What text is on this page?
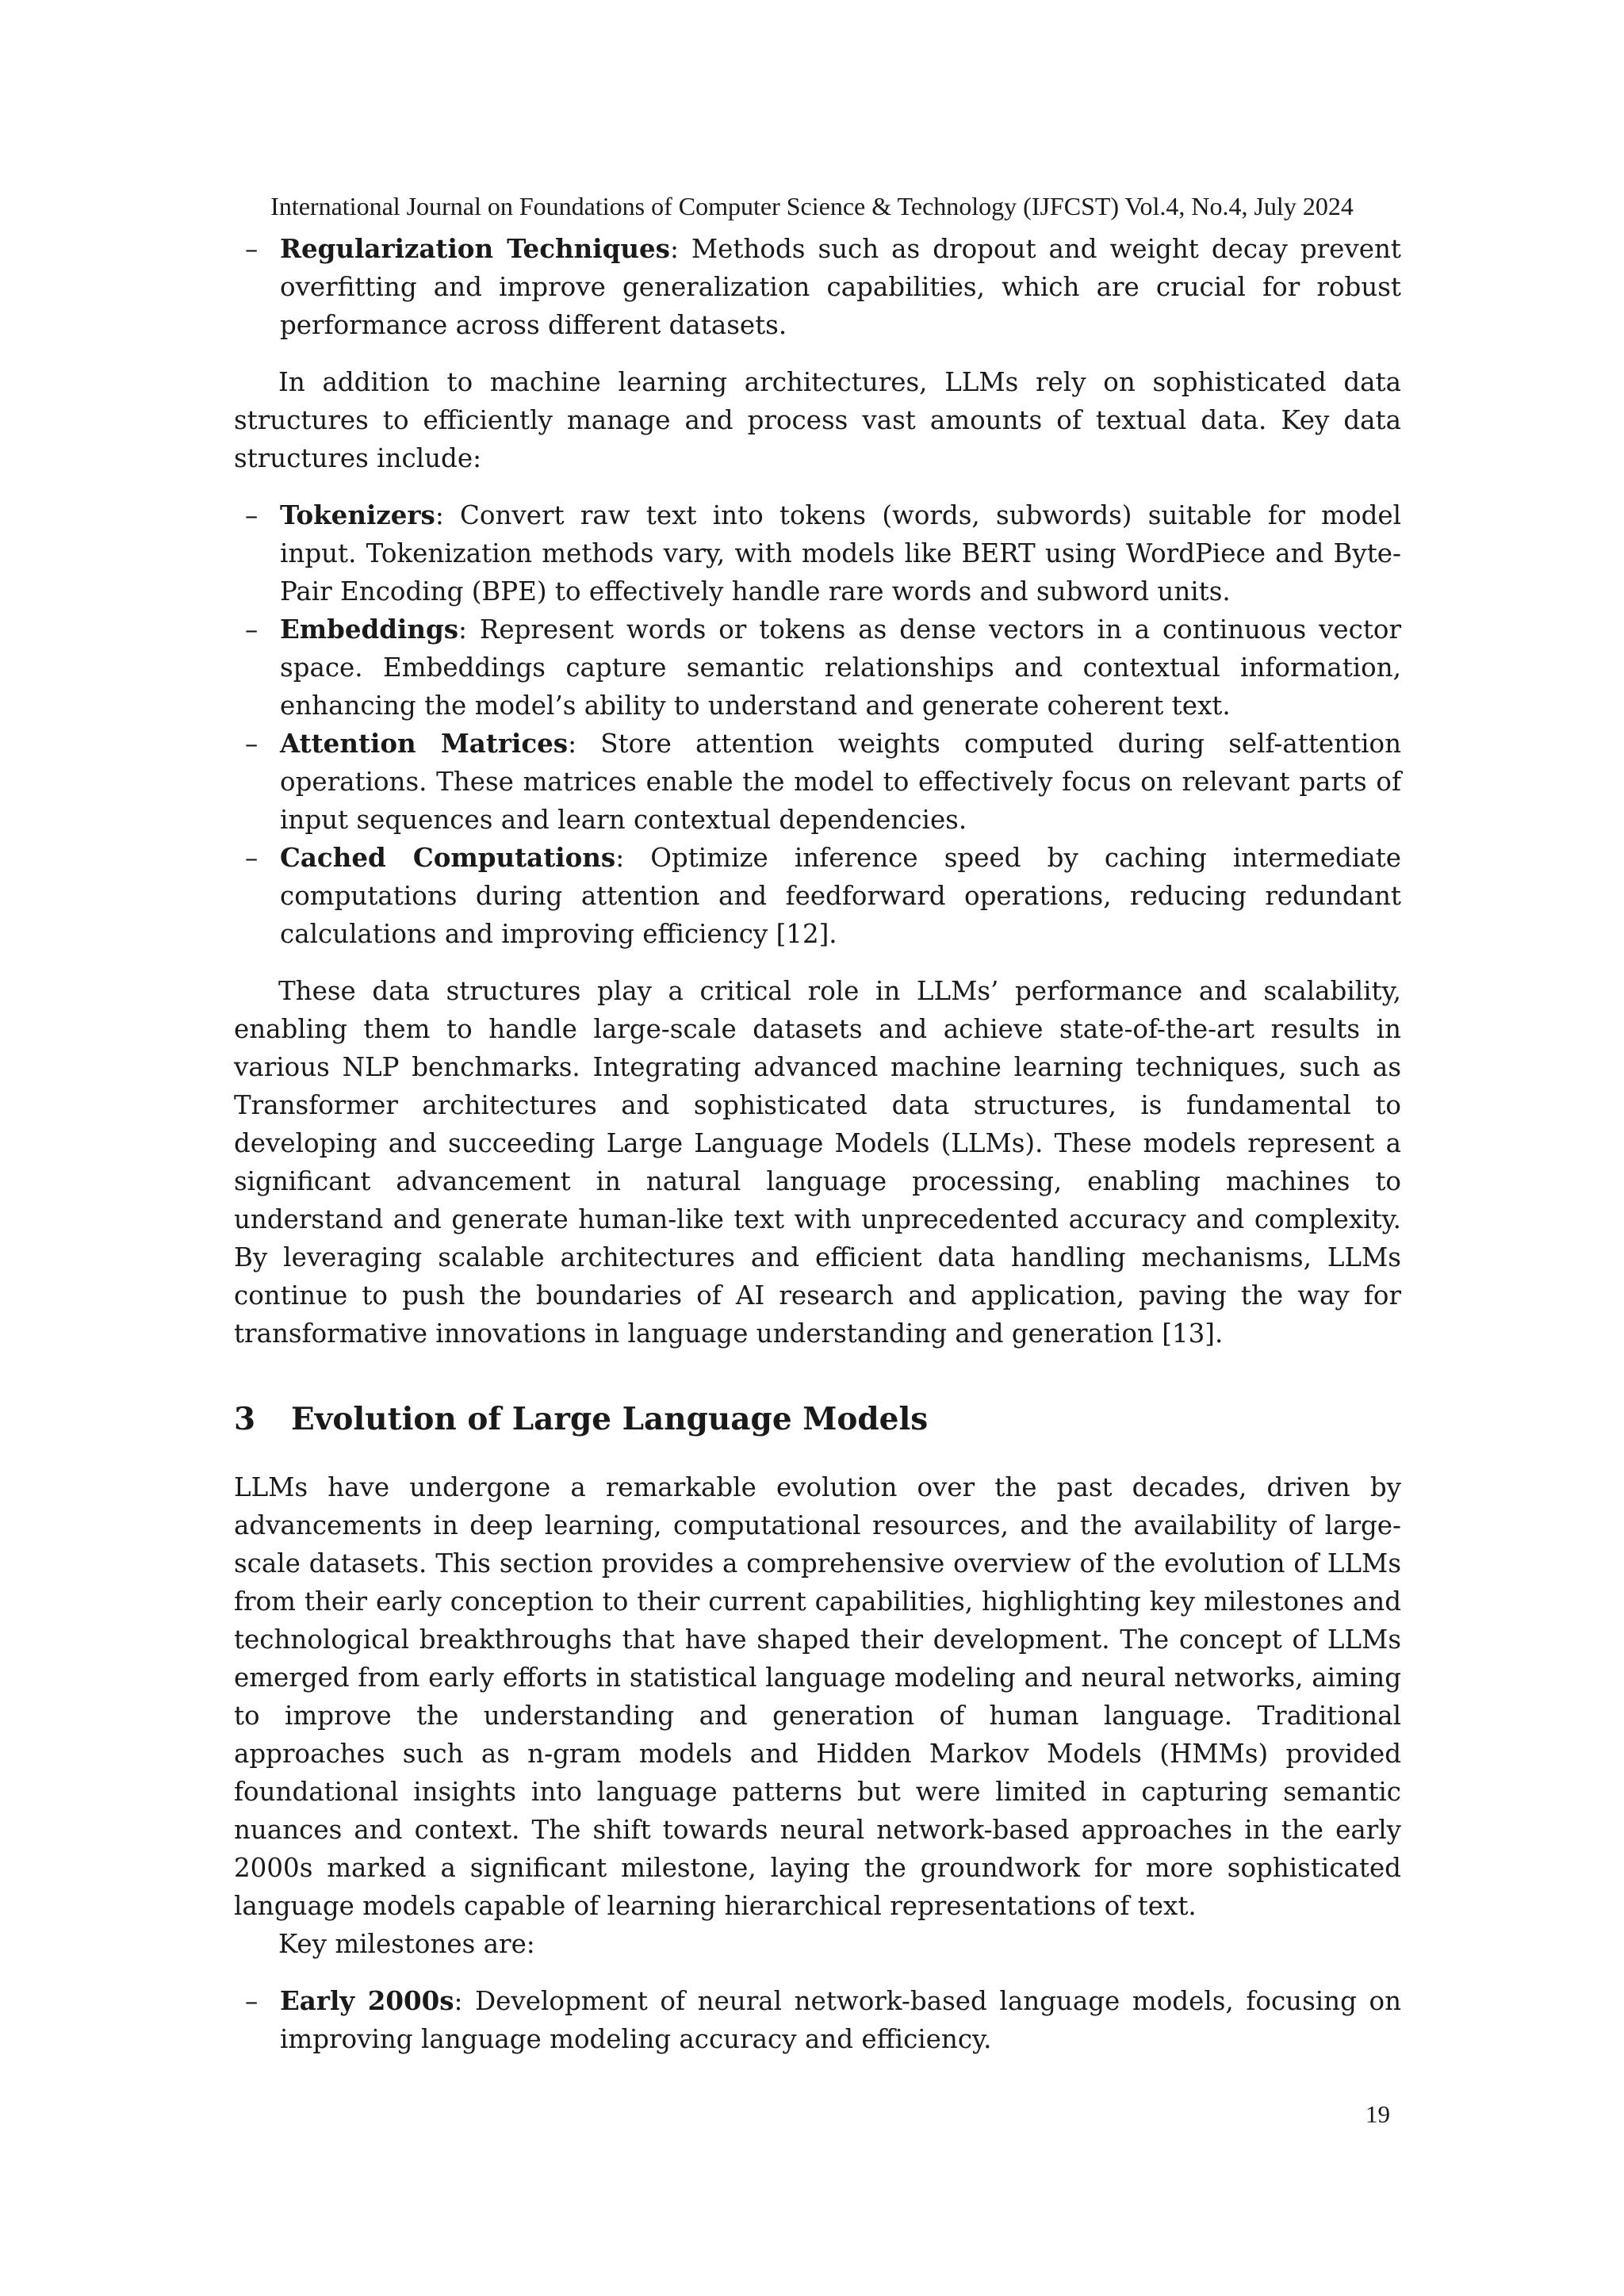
International Journal on Foundations of Computer Science & Technology (IJFCST) Vol.4, No.4, July 2024
– Regularization Techniques: Methods such as dropout and weight decay prevent overfitting and improve generalization capabilities, which are crucial for robust performance across different datasets.

In addition to machine learning architectures, LLMs rely on sophisticated data structures to efficiently manage and process vast amounts of textual data. Key data structures include:

– Tokenizers: Convert raw text into tokens (words, subwords) suitable for model input. Tokenization methods vary, with models like BERT using WordPiece and Byte-Pair Encoding (BPE) to effectively handle rare words and subword units.
– Embeddings: Represent words or tokens as dense vectors in a continuous vector space. Embeddings capture semantic relationships and contextual information, enhancing the model’s ability to understand and generate coherent text.
– Attention Matrices: Store attention weights computed during self-attention operations. These matrices enable the model to effectively focus on relevant parts of input sequences and learn contextual dependencies.
– Cached Computations: Optimize inference speed by caching intermediate computations during attention and feedforward operations, reducing redundant calculations and improving efficiency [12].

These data structures play a critical role in LLMs’ performance and scalability, enabling them to handle large-scale datasets and achieve state-of-the-art results in various NLP benchmarks. Integrating advanced machine learning techniques, such as Transformer architectures and sophisticated data structures, is fundamental to developing and succeeding Large Language Models (LLMs). These models represent a significant advancement in natural language processing, enabling machines to understand and generate human-like text with unprecedented accuracy and complexity. By leveraging scalable architectures and efficient data handling mechanisms, LLMs continue to push the boundaries of AI research and application, paving the way for transformative innovations in language understanding and generation [13].

3 Evolution of Large Language Models

LLMs have undergone a remarkable evolution over the past decades, driven by advancements in deep learning, computational resources, and the availability of large-scale datasets. This section provides a comprehensive overview of the evolution of LLMs from their early conception to their current capabilities, highlighting key milestones and technological breakthroughs that have shaped their development. The concept of LLMs emerged from early efforts in statistical language modeling and neural networks, aiming to improve the understanding and generation of human language. Traditional approaches such as n-gram models and Hidden Markov Models (HMMs) provided foundational insights into language patterns but were limited in capturing semantic nuances and context. The shift towards neural network-based approaches in the early 2000s marked a significant milestone, laying the groundwork for more sophisticated language models capable of learning hierarchical representations of text.

Key milestones are:

– Early 2000s: Development of neural network-based language models, focusing on improving language modeling accuracy and efficiency.
19
